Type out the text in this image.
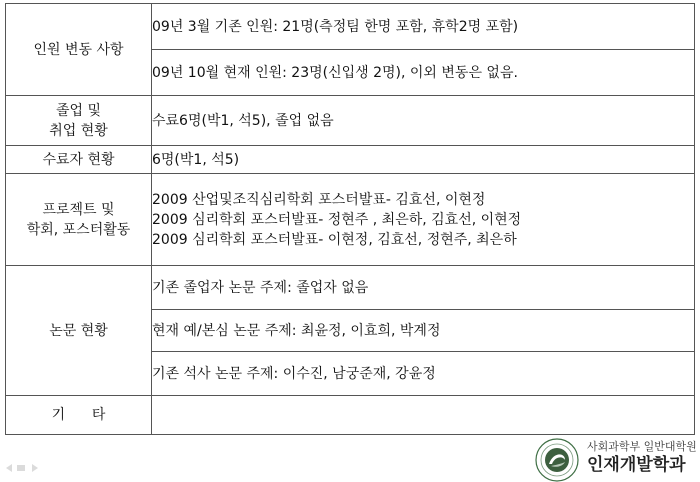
인원 변동 사항	09년 3월 기존 인원: 21명(측정팀 한명 포함, 휴학2명 포함)
	09년 10월 현재 인원: 23명(신입생 2명), 이외 변동은 없음.

졸업 및
취업 현황	수료6명(박1, 석5), 졸업 없음
수료자 현황	6명(박1, 석5)

프로젝트 및
학회, 포스터활동	2009 산업및조직심리학회 포스터발표- 김효선, 이현정
2009 심리학회 포스터발표- 정현주 , 최은하, 김효선, 이현정
2009 심리학회 포스터발표- 이현정, 김효선, 정현주, 최은하

논문 현황	기존 졸업자 논문 주제: 졸업자 없음
	현재 예/본심 논문 주제: 최윤정, 이효희, 박계정
	기존 석사 논문 주제: 이수진, 남궁준재, 강윤정
기      타	
사회과학부 일반대학원
인재개발학과
